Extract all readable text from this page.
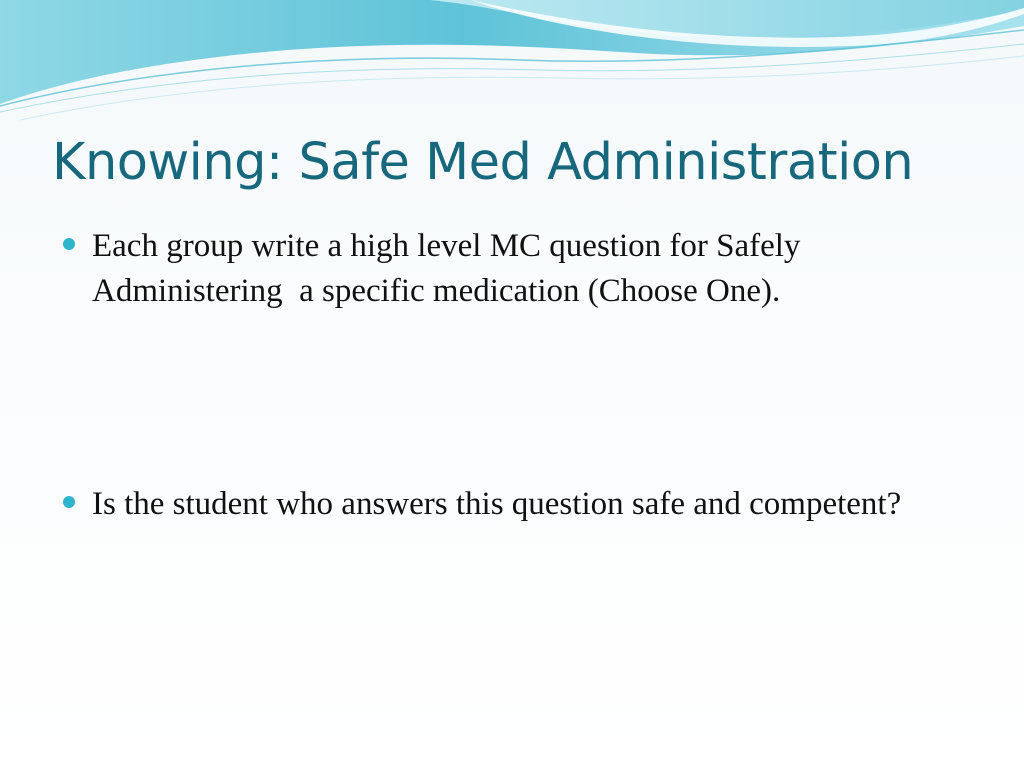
Knowing: Safe Med Administration
Each group write a high level MC question for Safely Administering  a specific medication (Choose One).
Is the student who answers this question safe and competent?
